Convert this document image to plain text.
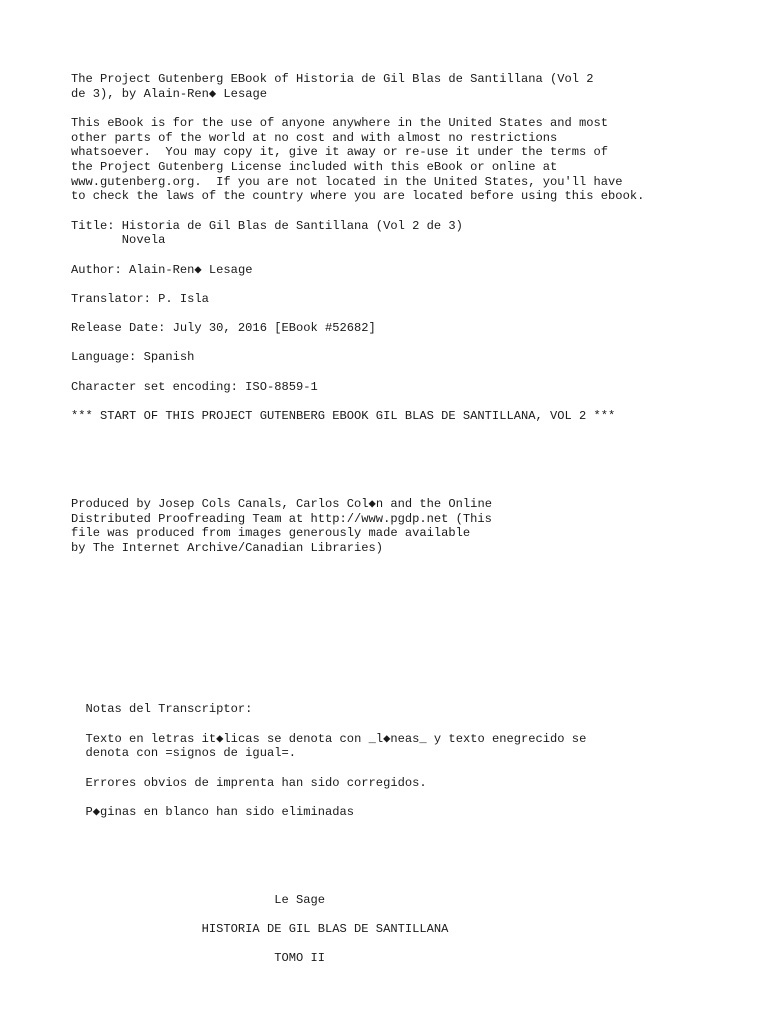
The Project Gutenberg EBook of Historia de Gil Blas de Santillana (Vol 2
de 3), by Alain-Ren◆ Lesage
This eBook is for the use of anyone anywhere in the United States and most
other parts of the world at no cost and with almost no restrictions
whatsoever.  You may copy it, give it away or re-use it under the terms of
the Project Gutenberg License included with this eBook or online at
www.gutenberg.org.  If you are not located in the United States, you'll have
to check the laws of the country where you are located before using this ebook.
Title: Historia de Gil Blas de Santillana (Vol 2 de 3)
Novela
Author: Alain-Ren◆ Lesage
Translator: P. Isla
Release Date: July 30, 2016 [EBook #52682]
Language: Spanish
Character set encoding: ISO-8859-1
*** START OF THIS PROJECT GUTENBERG EBOOK GIL BLAS DE SANTILLANA, VOL 2 ***
Produced by Josep Cols Canals, Carlos Col◆n and the Online
Distributed Proofreading Team at http://www.pgdp.net (This
file was produced from images generously made available
by The Internet Archive/Canadian Libraries)
Notas del Transcriptor:
Texto en letras it◆licas se denota con _l◆neas_ y texto enegrecido se
denota con =signos de igual=.
Errores obvios de imprenta han sido corregidos.
P◆ginas en blanco han sido eliminadas
Le Sage
HISTORIA DE GIL BLAS DE SANTILLANA
TOMO II
